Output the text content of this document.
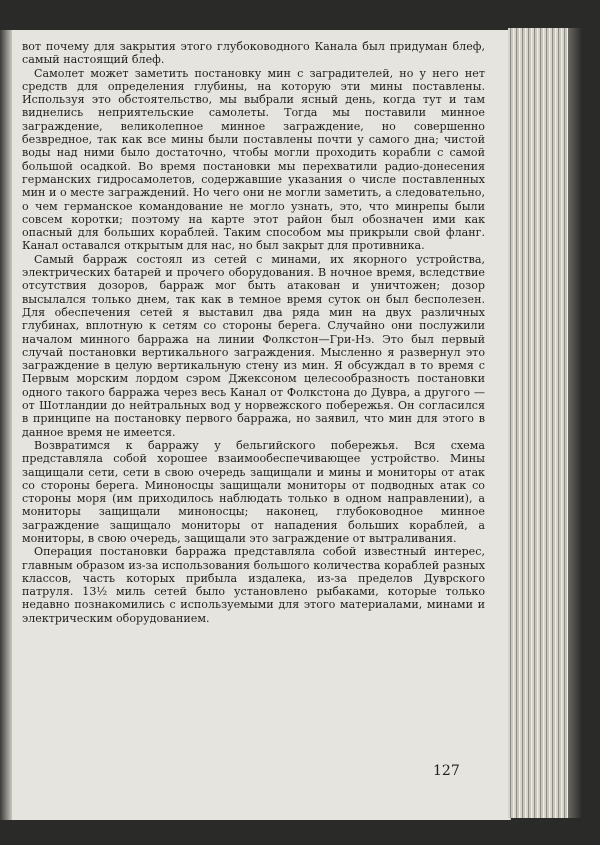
вот почему для закрытия этого глубоководного Канала был придуман блеф, самый настоящий блеф.

Самолет может заметить постановку мин с заградителей, но у него нет средств для определения глубины, на которую эти мины поставлены. Используя это обстоятельство, мы выбрали ясный день, когда тут и там виднелись неприятельские самолеты. Тогда мы поставили минное заграждение, великолепное минное заграждение, но совершенно безвредное, так как все мины были поставлены почти у самого дна; чистой воды над ними было достаточно, чтобы могли проходить корабли с самой большой осадкой. Во время постановки мы перехватили радио-донесения германских гидросамолетов, содержавшие указания о числе поставленных мин и о месте заграждений. Но чего они не могли заметить, а следовательно, о чем германское командование не могло узнать, это, что минрепы были совсем коротки; поэтому на карте этот район был обозначен ими как опасный для больших кораблей. Таким способом мы прикрыли свой фланг. Канал оставался открытым для нас, но был закрыт для противника.

Самый барраж состоял из сетей с минами, их якорного устройства, электрических батарей и прочего оборудования. В ночное время, вследствие отсутствия дозоров, барраж мог быть атакован и уничтожен; дозор высылался только днем, так как в темное время суток он был бесполезен. Для обеспечения сетей я выставил два ряда мин на двух различных глубинах, вплотную к сетям со стороны берега. Случайно они послужили началом минного барража на линии Фолкстон—Гри-Нэ. Это был первый случай постановки вертикального заграждения. Мысленно я развернул это заграждение в целую вертикальную стену из мин. Я обсуждал в то время с Первым морским лордом сэром Джексоном целесообразность постановки одного такого барража через весь Канал от Фолкстона до Дувра, а другого — от Шотландии до нейтральных вод у норвежского побережья. Он согласился в принципе на постановку первого барража, но заявил, что мин для этого в данное время не имеется.

Возвратимся к барражу у бельгийского побережья. Вся схема представляла собой хорошее взаимообеспечивающее устройство. Мины защищали сети, сети в свою очередь защищали и мины и мониторы от атак со стороны берега. Миноносцы защищали мониторы от подводных атак со стороны моря (им приходилось наблюдать только в одном направлении), а мониторы защищали миноносцы; наконец, глубоководное минное заграждение защищало мониторы от нападения больших кораблей, а мониторы, в свою очередь, защищали это заграждение от вытраливания.

Операция постановки барража представляла собой известный интерес, главным образом из-за использования большого количества кораблей разных классов, часть которых прибыла издалека, из-за пределов Дуврского патруля. 13½ миль сетей было установлено рыбаками, которые только недавно познакомились с используемыми для этого материалами, минами и электрическим оборудованием.

127
